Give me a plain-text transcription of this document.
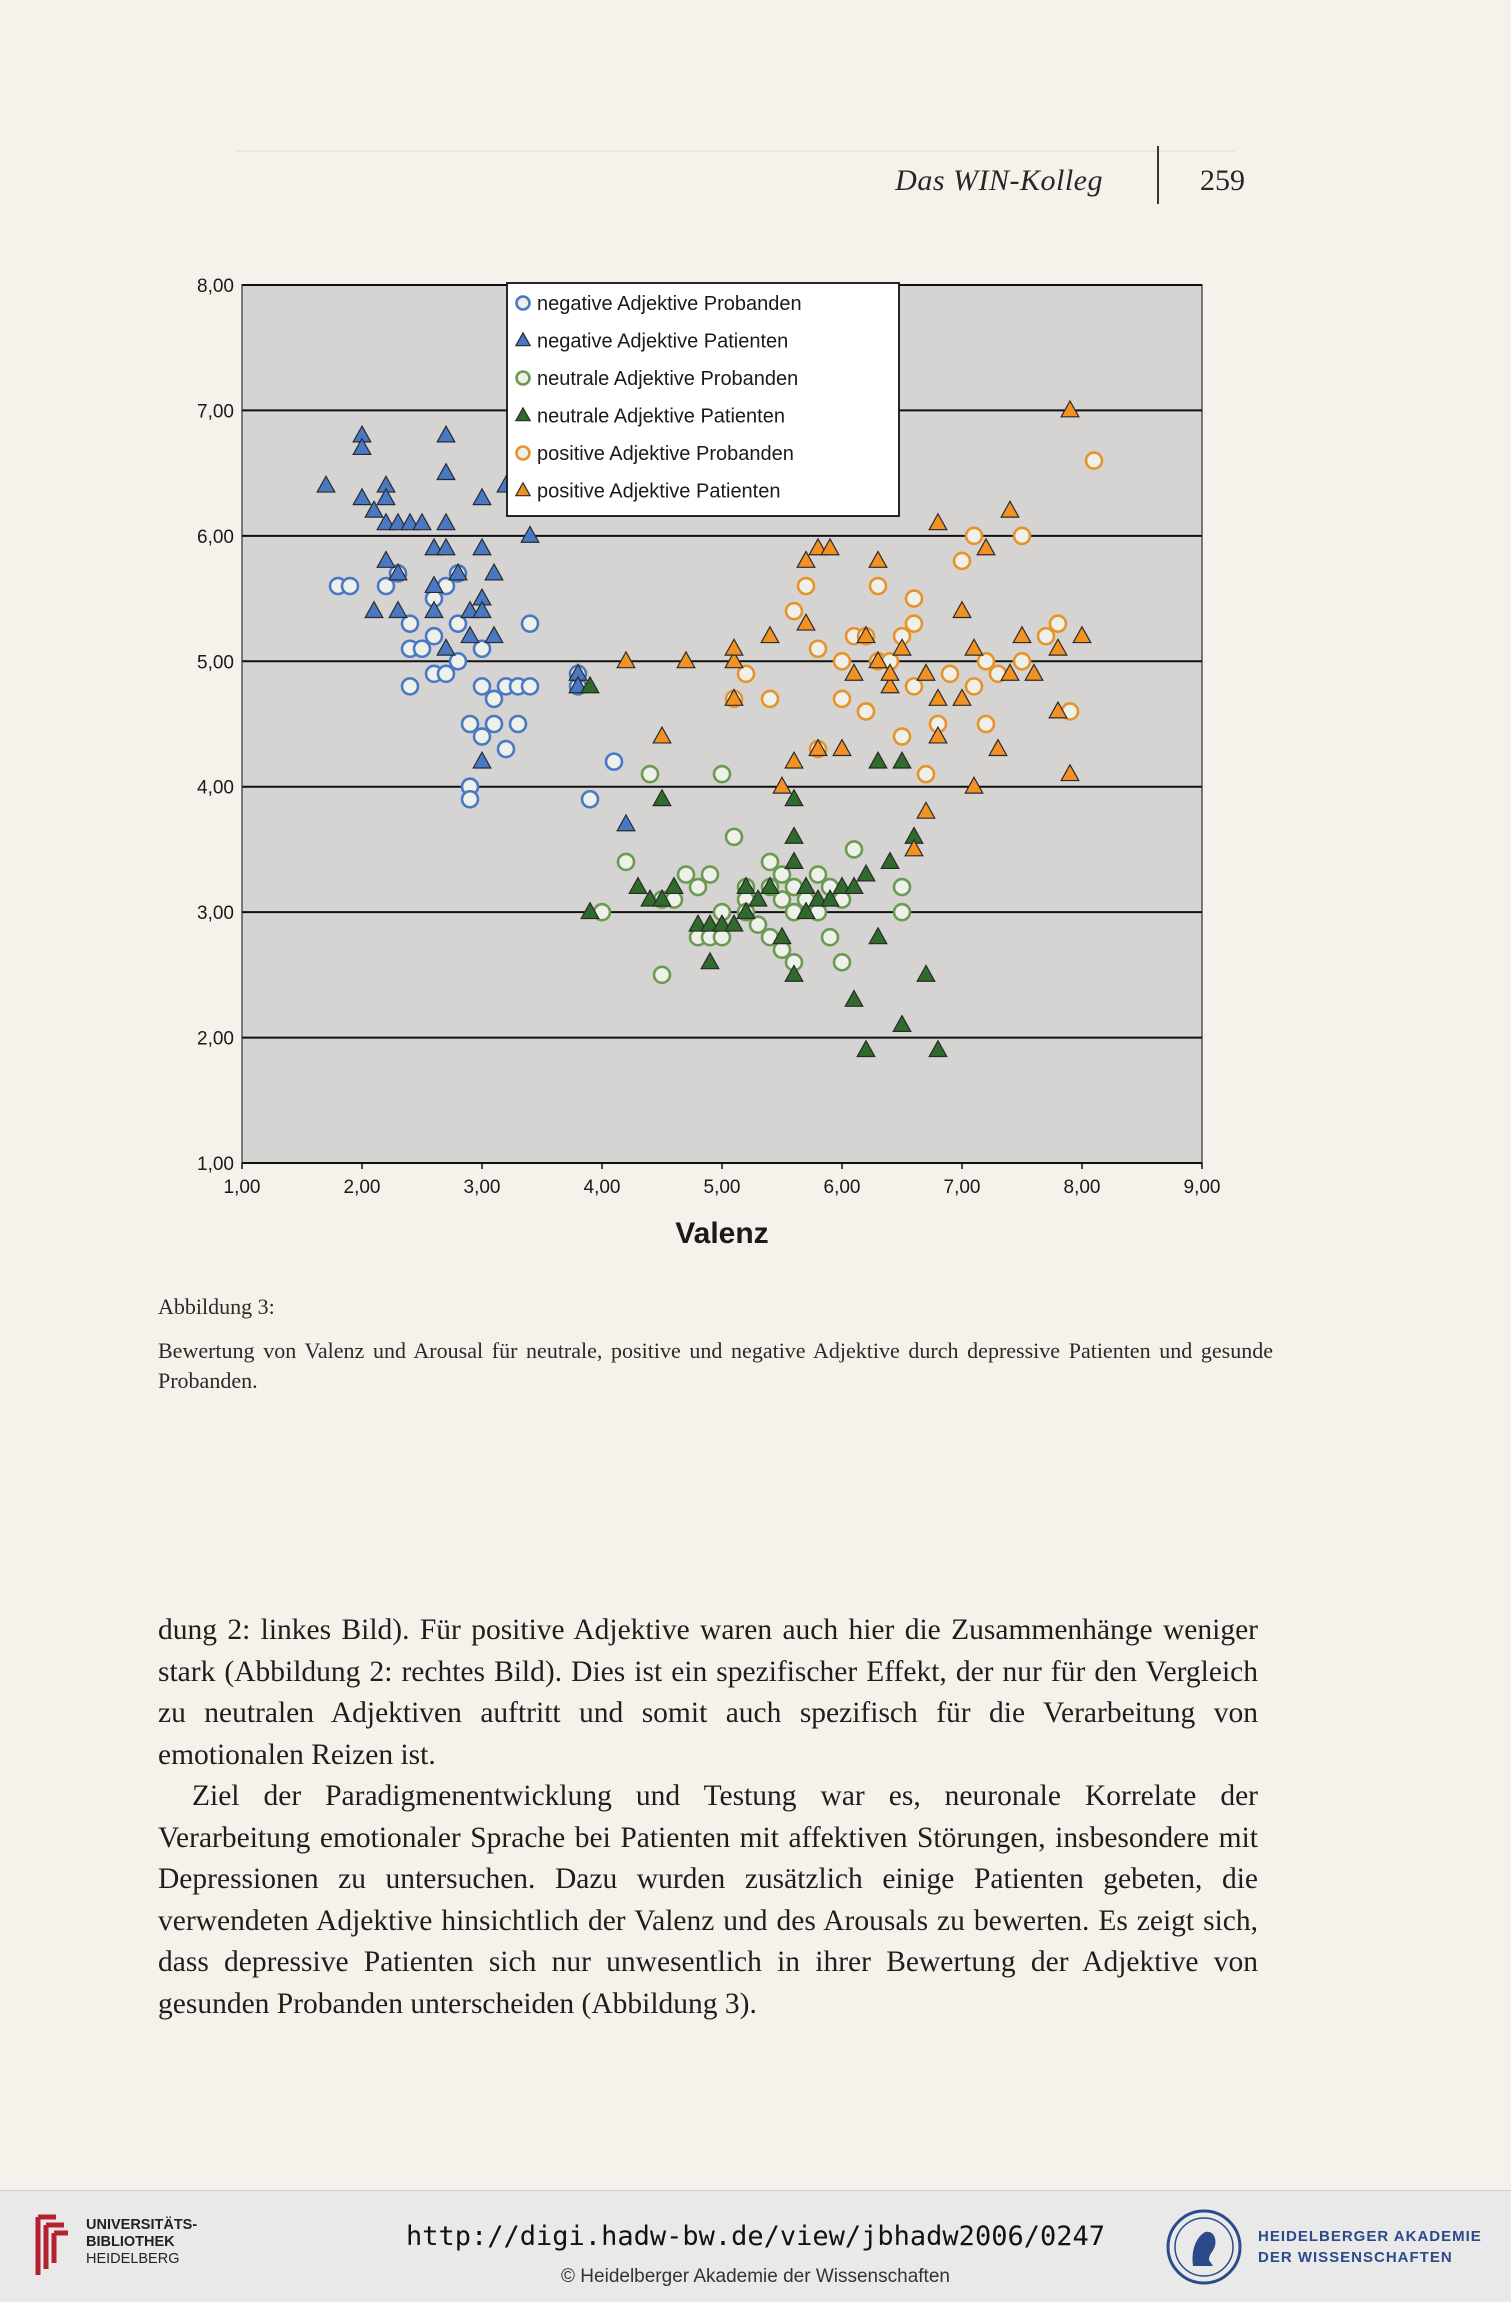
Das WIN-Kolleg	259
1,00
2,00
3,00
4,00
5,00
6,00
7,00
8,00
1,00	2,00	3,00	4,00	5,00	6,00	7,00	8,00	9,00
Valenz
negative Adjektive Probanden
negative Adjektive Patienten
neutrale Adjektive Probanden
neutrale Adjektive Patienten
positive Adjektive Probanden
positive Adjektive Patienten
Abbildung 3:
Bewertung von Valenz und Arousal für neutrale, positive und negative Adjektive durch depressive Patienten und gesunde Probanden.

dung 2: linkes Bild). Für positive Adjektive waren auch hier die Zusammenhänge weniger stark (Abbildung 2: rechtes Bild). Dies ist ein spezifischer Effekt, der nur für den Vergleich zu neutralen Adjektiven auftritt und somit auch spezifisch für die Verarbeitung von emotionalen Reizen ist.

Ziel der Paradigmenentwicklung und Testung war es, neuronale Korrelate der Verarbeitung emotionaler Sprache bei Patienten mit affektiven Störungen, insbesondere mit Depressionen zu untersuchen. Dazu wurden zusätzlich einige Patienten gebeten, die verwendeten Adjektive hinsichtlich der Valenz und des Arousals zu bewerten. Es zeigt sich, dass depressive Patienten sich nur unwesentlich in ihrer Bewertung der Adjektive von gesunden Probanden unterscheiden (Abbildung 3).

UNIVERSITÄTS-
BIBLIOTHEK
HEIDELBERG
http://digi.hadw-bw.de/view/jbhadw2006/0247
© Heidelberger Akademie der Wissenschaften
HEIDELBERGER AKADEMIE
DER WISSENSCHAFTEN
